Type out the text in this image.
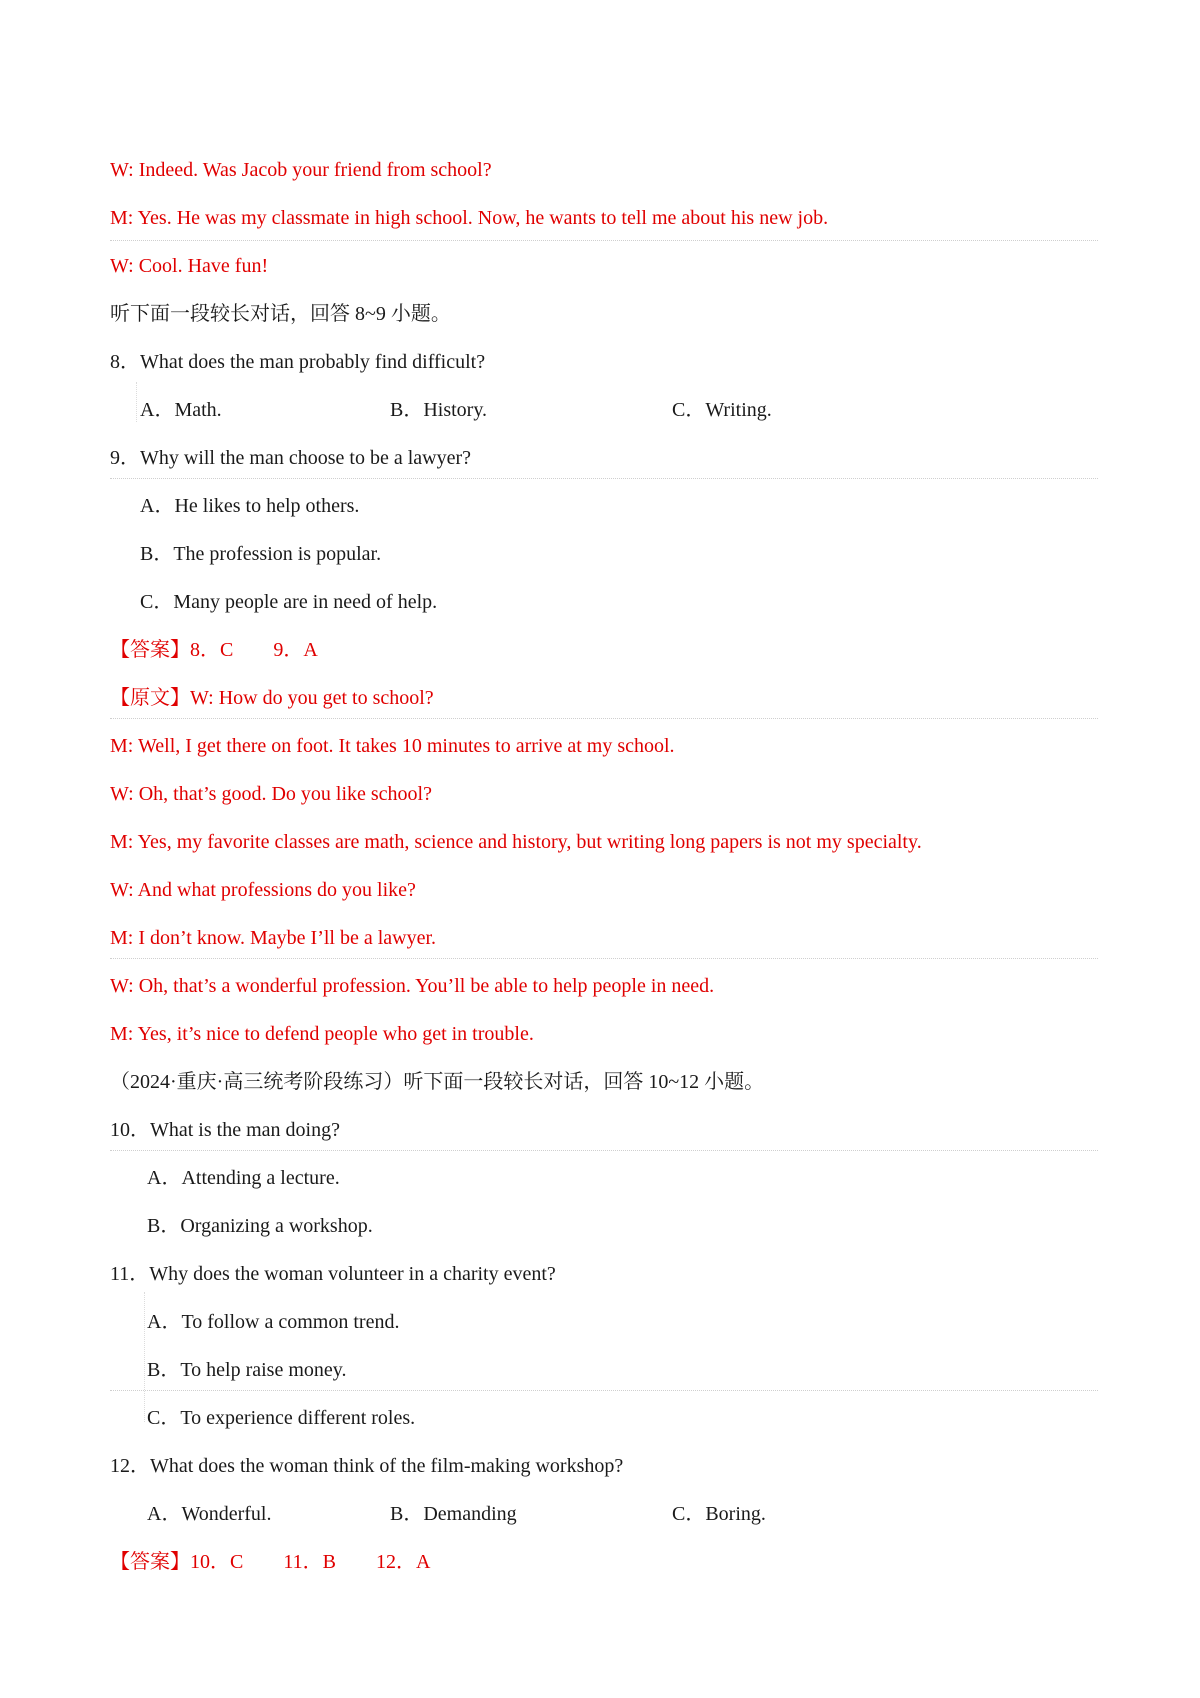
W: Indeed. Was Jacob your friend from school?
M: Yes. He was my classmate in high school. Now, he wants to tell me about his new job.
W: Cool. Have fun!
听下面一段较长对话，回答 8~9 小题。
8．What does the man probably find difficult?
A．Math.	B．History.	C．Writing.
9．Why will the man choose to be a lawyer?
A．He likes to help others.
B．The profession is popular.
C．Many people are in need of help.
【答案】8．C 9．A
【原文】W: How do you get to school?
M: Well, I get there on foot. It takes 10 minutes to arrive at my school.
W: Oh, that’s good. Do you like school?
M: Yes, my favorite classes are math, science and history, but writing long papers is not my specialty.
W: And what professions do you like?
M: I don’t know. Maybe I’ll be a lawyer.
W: Oh, that’s a wonderful profession. You’ll be able to help people in need.
M: Yes, it’s nice to defend people who get in trouble.
（2024·重庆·高三统考阶段练习）听下面一段较长对话，回答 10~12 小题。
10．What is the man doing?
A．Attending a lecture.
B．Organizing a workshop.
11．Why does the woman volunteer in a charity event?
A．To follow a common trend.
B．To help raise money.
C．To experience different roles.
12．What does the woman think of the film-making workshop?
A．Wonderful.	B．Demanding	C．Boring.
【答案】10．C 11．B 12．A
